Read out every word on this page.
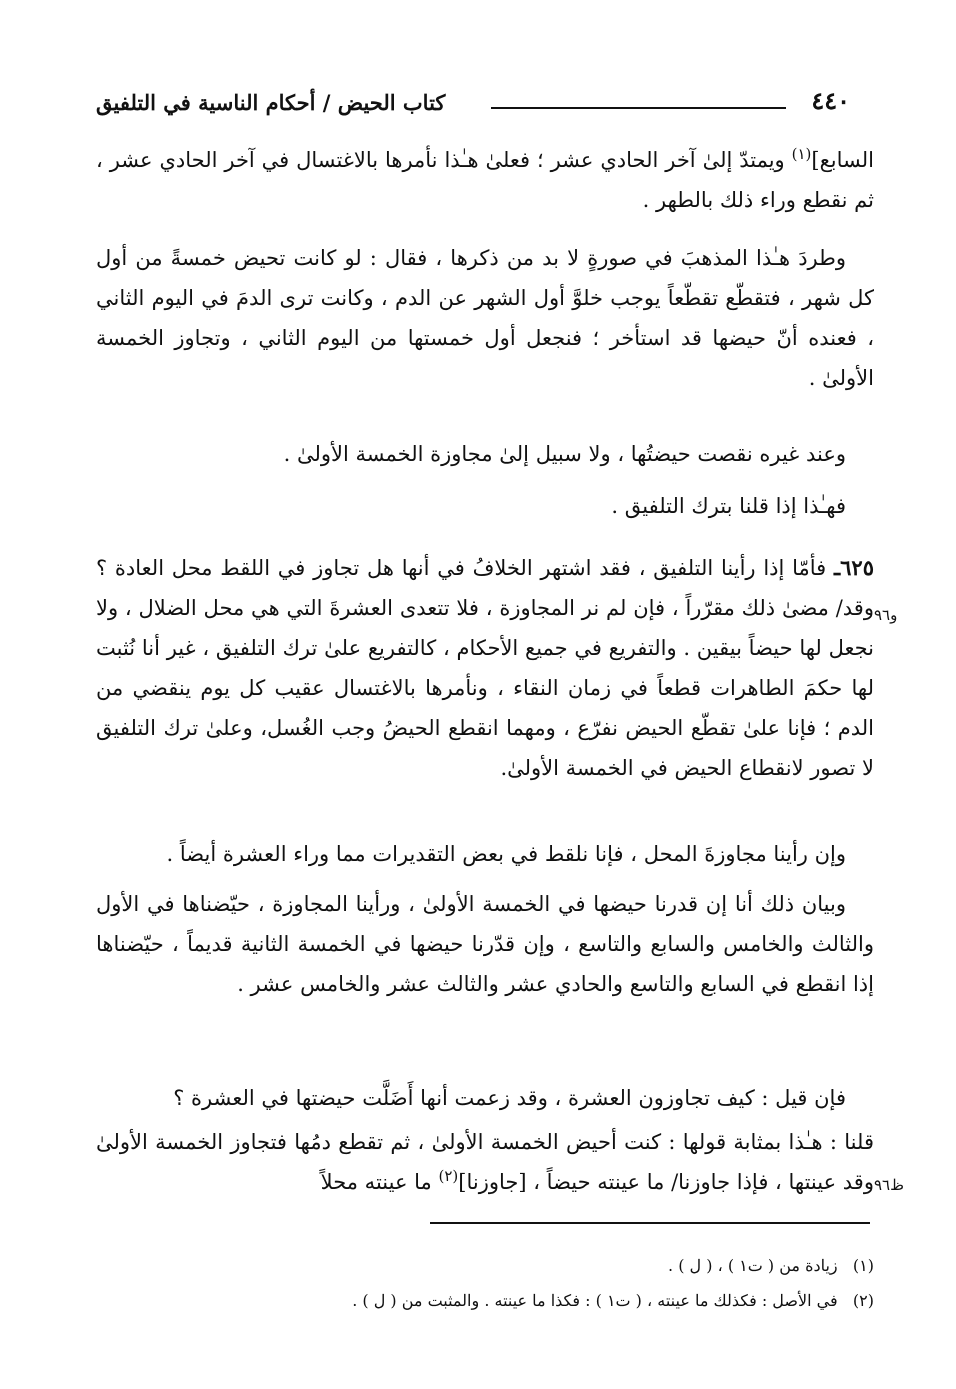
٤٤٠
كتاب الحيض / أحكام الناسية في التلفيق
السابع]$^{(١)}$ ويمتدّ إلىٰ آخر الحادي عشر ؛ فعلىٰ هـٰذا نأمرها بالاغتسال في آخر الحادي عشر ، ثم نقطع وراء ذلك بالطهر .
وطردَ هـٰذا المذهبَ في صورةٍ لا بد من ذكرها ، فقال : لو كانت تحيض خمسةً من أول كل شهر ، فتقطّع تقطّعاً يوجب خلوَّ أول الشهر عن الدم ، وكانت ترى الدمَ في اليوم الثاني ، فعنده أنّ حيضها قد استأخر ؛ فنجعل أول خمستها من اليوم الثاني ، وتجاوز الخمسة الأولىٰ .
وعند غيره نقصت حيضتُها ، ولا سبيل إلىٰ مجاوزة الخمسة الأولىٰ .
فهـٰذا إذا قلنا بترك التلفيق .
٦٢٥ـ فأمّا إذا رأينا التلفيق ، فقد اشتهر الخلافُ في أنها هل تجاوز في اللقط محل العادة ؟ وقد/ مضىٰ ذلك مقرّراً ، فإن لم نر المجاوزة ، فلا تتعدى العشرةَ التي هي محل الضلال ، ولا نجعل لها حيضاً بيقين . والتفريع في جميع الأحكام ، كالتفريع علىٰ ترك التلفيق ، غير أنا نُثبت لها حكمَ الطاهرات قطعاً في زمان النقاء ، ونأمرها بالاغتسال عقيب كل يوم ينقضي من الدم ؛ فإنا علىٰ تقطّع الحيض نفرّع ، ومهما انقطع الحيضُ وجب الغُسل، وعلىٰ ترك التلفيق لا تصور لانقطاع الحيض في الخمسة الأولىٰ.
وإن رأينا مجاوزةَ المحل ، فإنا نلقط في بعض التقديرات مما وراء العشرة أيضاً .
وبيان ذلك أنا إن قدرنا حيضها في الخمسة الأولىٰ ، ورأينا المجاوزة ، حيّضناها في الأول والثالث والخامس والسابع والتاسع ، وإن قدّرنا حيضها في الخمسة الثانية قديماً ، حيّضناها إذا انقطع في السابع والتاسع والحادي عشر والثالث عشر والخامس عشر .
فإن قيل : كيف تجاوزون العشرة ، وقد زعمت أنها أَضَلَّت حيضتها في العشرة ؟
قلنا : هـٰذا بمثابة قولها : كنت أحيض الخمسة الأولىٰ ، ثم تقطع دمُها فتجاوز الخمسة الأولىٰ وقد عينتها ، فإذا جاوزنا/ ما عينته حيضاً ، [جاوزنا]$^{(٢)}$ ما عينته محلاً
و٩٦
ظ٩٦
(١)   زيادة من ( ت١ ) ، ( ل ) .
(٢)   في الأصل : فكذلك ما عينته ، ( ت١ ) : فكذا ما عينته . والمثبت من ( ل ) .
